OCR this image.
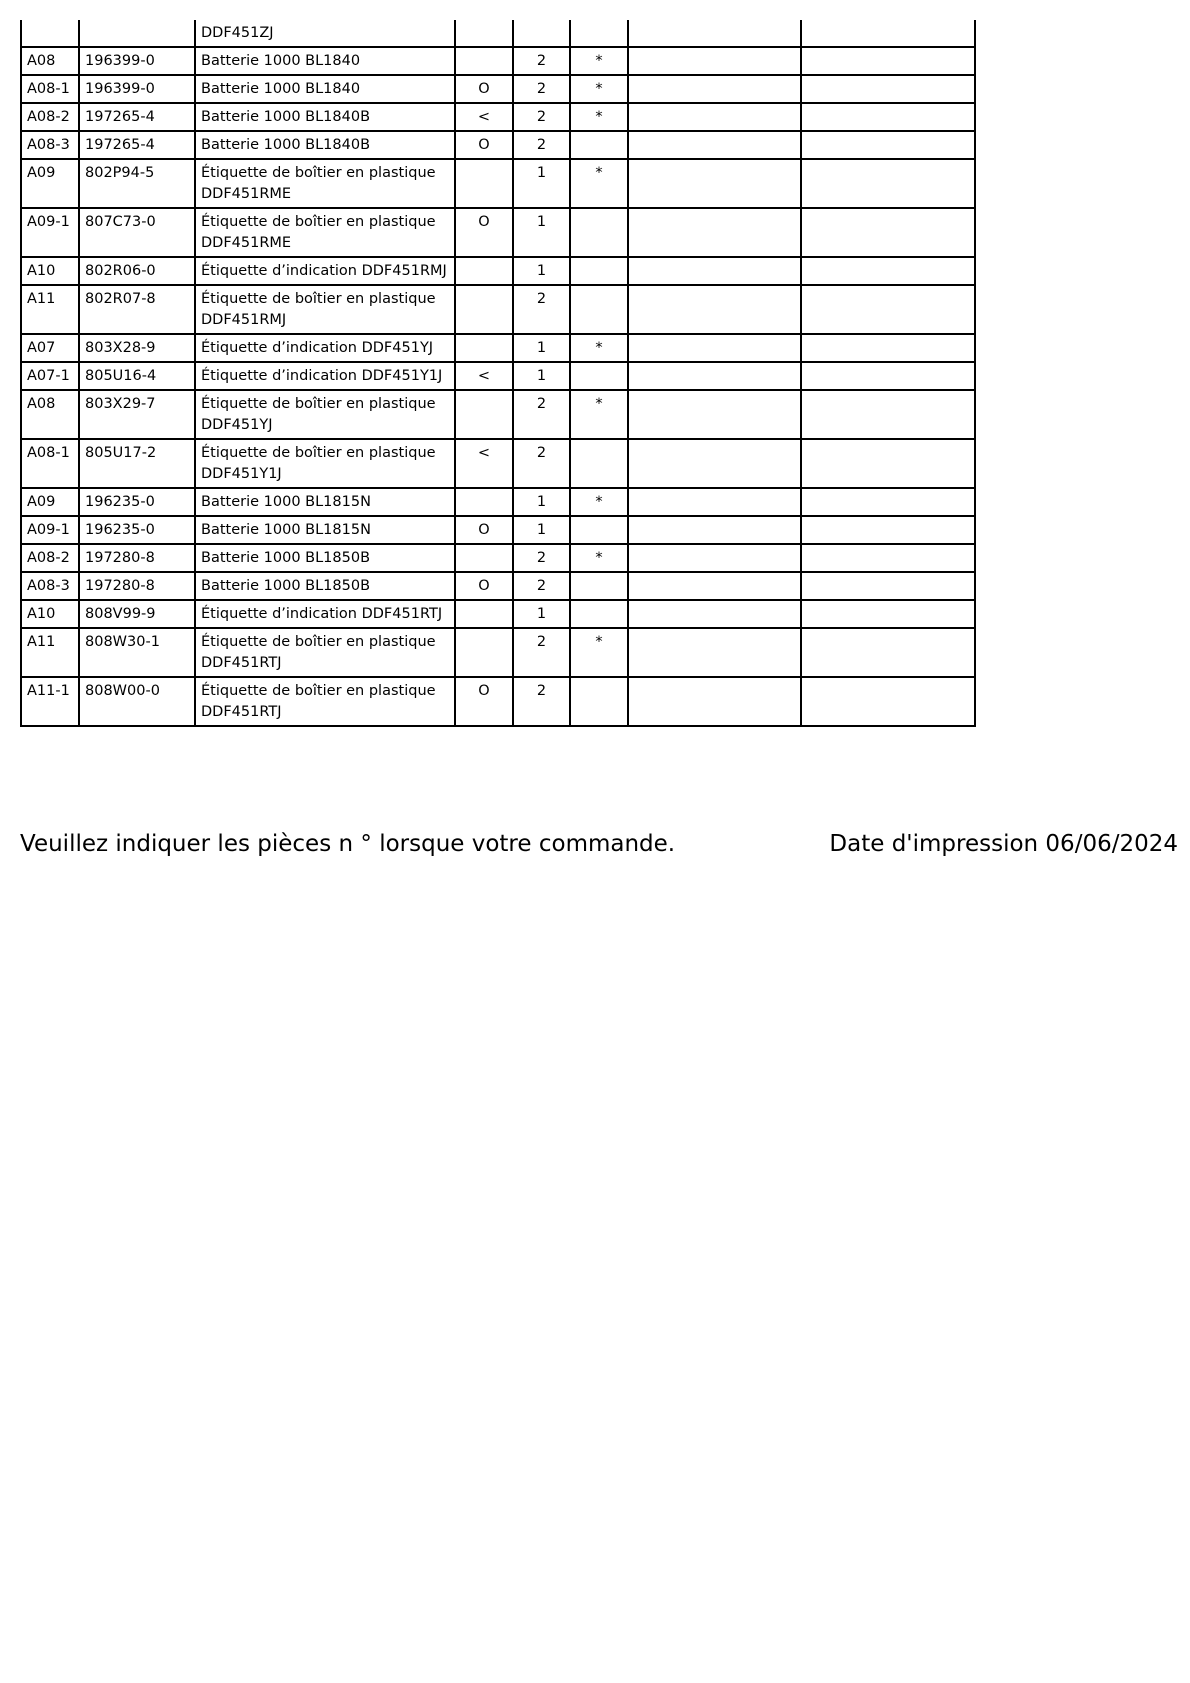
		DDF451ZJ					
A08	196399-0	Batterie 1000 BL1840		2	*		
A08-1	196399-0	Batterie 1000 BL1840	O	2	*		
A08-2	197265-4	Batterie 1000 BL1840B	<	2	*		
A08-3	197265-4	Batterie 1000 BL1840B	O	2			
A09	802P94-5	Étiquette de boîtier en plastique DDF451RME		1	*		
A09-1	807C73-0	Étiquette de boîtier en plastique DDF451RME	O	1			
A10	802R06-0	Étiquette d’indication DDF451RMJ		1			
A11	802R07-8	Étiquette de boîtier en plastique DDF451RMJ		2			
A07	803X28-9	Étiquette d’indication DDF451YJ		1	*		
A07-1	805U16-4	Étiquette d’indication DDF451Y1J	<	1			
A08	803X29-7	Étiquette de boîtier en plastique DDF451YJ		2	*		
A08-1	805U17-2	Étiquette de boîtier en plastique DDF451Y1J	<	2			
A09	196235-0	Batterie 1000 BL1815N		1	*		
A09-1	196235-0	Batterie 1000 BL1815N	O	1			
A08-2	197280-8	Batterie 1000 BL1850B		2	*		
A08-3	197280-8	Batterie 1000 BL1850B	O	2			
A10	808V99-9	Étiquette d’indication DDF451RTJ		1			
A11	808W30-1	Étiquette de boîtier en plastique DDF451RTJ		2	*		
A11-1	808W00-0	Étiquette de boîtier en plastique DDF451RTJ	O	2			
Veuillez indiquer les pièces n ° lorsque votre commande.	Date d'impression 06/06/2024
